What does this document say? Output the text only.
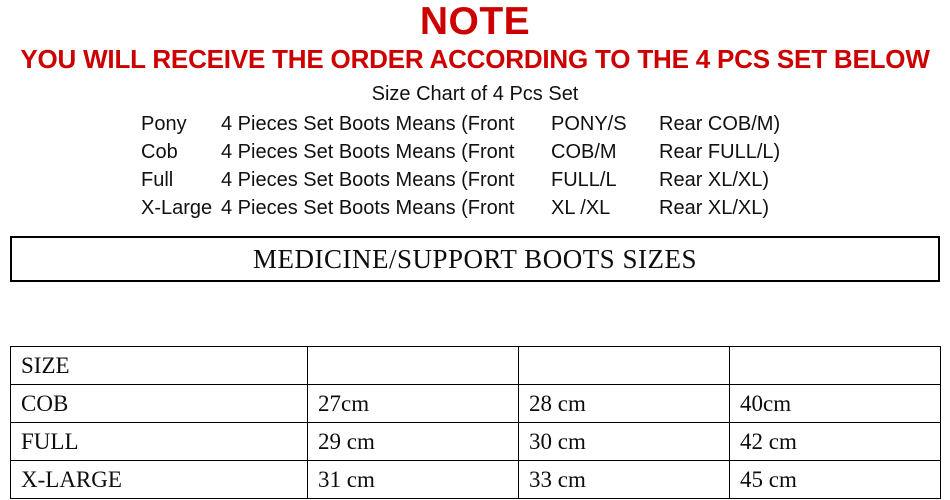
NOTE
YOU WILL RECEIVE THE ORDER ACCORDING TO THE 4 PCS SET BELOW
Size Chart of 4 Pcs Set
Pony	4 Pieces Set Boots Means (Front	PONY/S	Rear COB/M)
Cob	4 Pieces Set Boots Means (Front	COB/M	Rear FULL/L)
Full	4 Pieces Set Boots Means (Front	FULL/L	Rear XL/XL)
X-Large	4 Pieces Set Boots Means (Front	XL /XL	Rear XL/XL)
MEDICINE/SUPPORT BOOTS SIZES
SIZE			
COB	27cm	28 cm	40cm
FULL	29 cm	30 cm	42 cm
X-LARGE	31 cm	33 cm	45 cm
